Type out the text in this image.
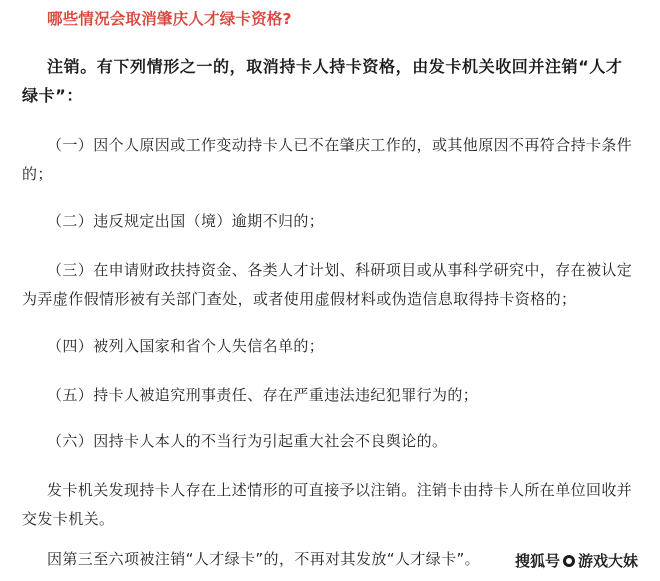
哪些情况会取消肇庆人才绿卡资格?
注销。有下列情形之一的，取消持卡人持卡资格，由发卡机关收回并注销“人才绿卡”：
（一）因个人原因或工作变动持卡人已不在肇庆工作的，或其他原因不再符合持卡条件的；
（二）违反规定出国（境）逾期不归的；
（三）在申请财政扶持资金、各类人才计划、科研项目或从事科学研究中，存在被认定为弄虚作假情形被有关部门查处，或者使用虚假材料或伪造信息取得持卡资格的；
（四）被列入国家和省个人失信名单的；
（五）持卡人被追究刑事责任、存在严重违法违纪犯罪行为的；
（六）因持卡人本人的不当行为引起重大社会不良舆论的。
发卡机关发现持卡人存在上述情形的可直接予以注销。注销卡由持卡人所在单位回收并交发卡机关。
因第三至六项被注销“人才绿卡”的，不再对其发放“人才绿卡”。	搜狐号 游戏大妹
